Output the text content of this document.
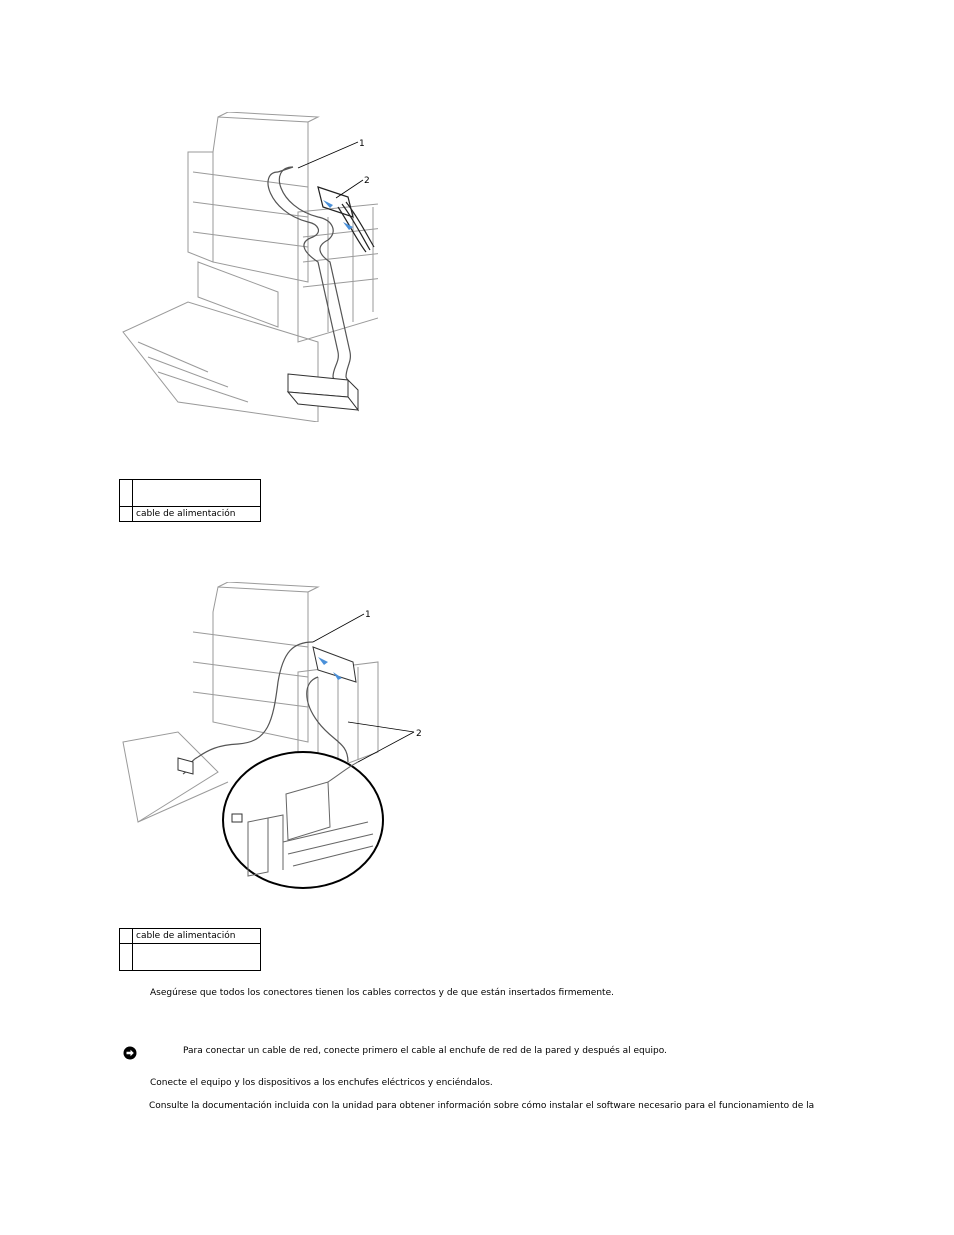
1
2

	cable de alimentación
1
2
	cable de alimentación

Asegúrese que todos los conectores tienen los cables correctos y de que están insertados firmemente.
Para conectar un cable de red, conecte primero el cable al enchufe de red de la pared y después al equipo.
Conecte el equipo y los dispositivos a los enchufes eléctricos y enciéndalos.
Consulte la documentación incluida con la unidad para obtener información sobre cómo instalar el software necesario para el funcionamiento de la
